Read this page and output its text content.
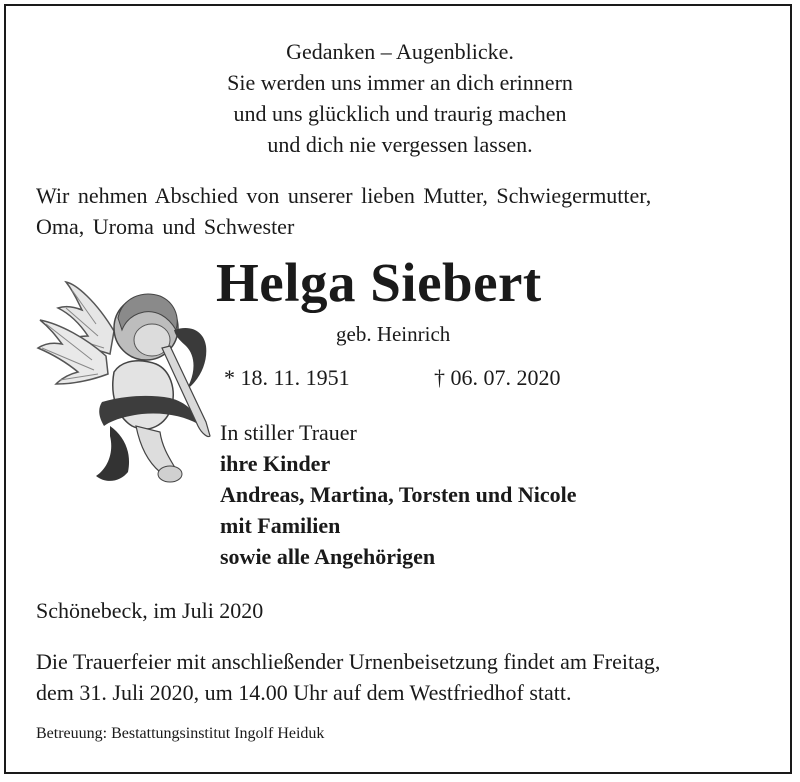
Gedanken – Augenblicke.
Sie werden uns immer an dich erinnern
und uns glücklich und traurig machen
und dich nie vergessen lassen.
Wir nehmen Abschied von unserer lieben Mutter, Schwiegermutter,
Oma, Uroma und Schwester
Helga Siebert
geb. Heinrich
* 18. 11. 1951	† 06. 07. 2020
In stiller Trauer
ihre Kinder
Andreas, Martina, Torsten und Nicole
mit Familien
sowie alle Angehörigen
Schönebeck, im Juli 2020
Die Trauerfeier mit anschließender Urnenbeisetzung findet am Freitag,
dem 31. Juli 2020, um 14.00 Uhr auf dem Westfriedhof statt.
Betreuung: Bestattungsinstitut Ingolf Heiduk
